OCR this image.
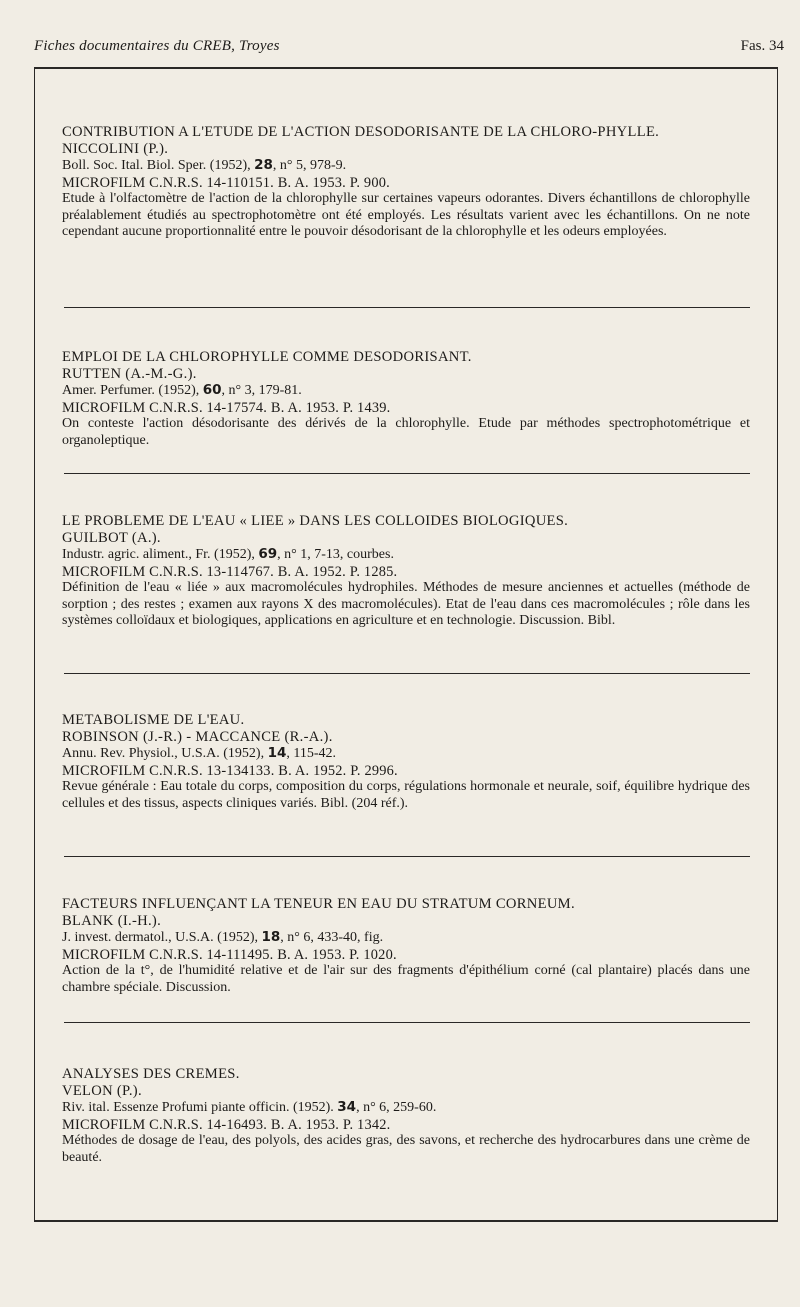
Fiches documentaires du CREB, Troyes	Fas. 34
CONTRIBUTION A L'ETUDE DE L'ACTION DESODORISANTE DE LA CHLORO-PHYLLE.
NICCOLINI (P.).
Boll. Soc. Ital. Biol. Sper. (1952), 28, n° 5, 978-9.
MICROFILM C.N.R.S. 14-110151. B. A. 1953. P. 900.
Etude à l'olfactomètre de l'action de la chlorophylle sur certaines vapeurs odorantes. Divers échantillons de chlorophylle préalablement étudiés au spectrophotomètre ont été employés. Les résultats varient avec les échantillons. On ne note cependant aucune proportionnalité entre le pouvoir désodorisant de la chlorophylle et les odeurs employées.
EMPLOI DE LA CHLOROPHYLLE COMME DESODORISANT.
RUTTEN (A.-M.-G.).
Amer. Perfumer. (1952), 60, n° 3, 179-81.
MICROFILM C.N.R.S. 14-17574. B. A. 1953. P. 1439.
On conteste l'action désodorisante des dérivés de la chlorophylle. Etude par méthodes spectrophotométrique et organoleptique.
LE PROBLEME DE L'EAU « LIEE » DANS LES COLLOIDES BIOLOGIQUES.
GUILBOT (A.).
Industr. agric. aliment., Fr. (1952), 69, n° 1, 7-13, courbes.
MICROFILM C.N.R.S. 13-114767. B. A. 1952. P. 1285.
Définition de l'eau « liée » aux macromolécules hydrophiles. Méthodes de mesure anciennes et actuelles (méthode de sorption ; des restes ; examen aux rayons X des macromolécules). Etat de l'eau dans ces macromolécules ; rôle dans les systèmes colloïdaux et biologiques, applications en agriculture et en technologie. Discussion. Bibl.
METABOLISME DE L'EAU.
ROBINSON (J.-R.) - MACCANCE (R.-A.).
Annu. Rev. Physiol., U.S.A. (1952), 14, 115-42.
MICROFILM C.N.R.S. 13-134133. B. A. 1952. P. 2996.
Revue générale : Eau totale du corps, composition du corps, régulations hormonale et neurale, soif, équilibre hydrique des cellules et des tissus, aspects cliniques variés. Bibl. (204 réf.).
FACTEURS INFLUENÇANT LA TENEUR EN EAU DU STRATUM CORNEUM.
BLANK (I.-H.).
J. invest. dermatol., U.S.A. (1952), 18, n° 6, 433-40, fig.
MICROFILM C.N.R.S. 14-111495. B. A. 1953. P. 1020.
Action de la t°, de l'humidité relative et de l'air sur des fragments d'épithélium corné (cal plantaire) placés dans une chambre spéciale. Discussion.
ANALYSES DES CREMES.
VELON (P.).
Riv. ital. Essenze Profumi piante officin. (1952). 34, n° 6, 259-60.
MICROFILM C.N.R.S. 14-16493. B. A. 1953. P. 1342.
Méthodes de dosage de l'eau, des polyols, des acides gras, des savons, et recherche des hydrocarbures dans une crème de beauté.
